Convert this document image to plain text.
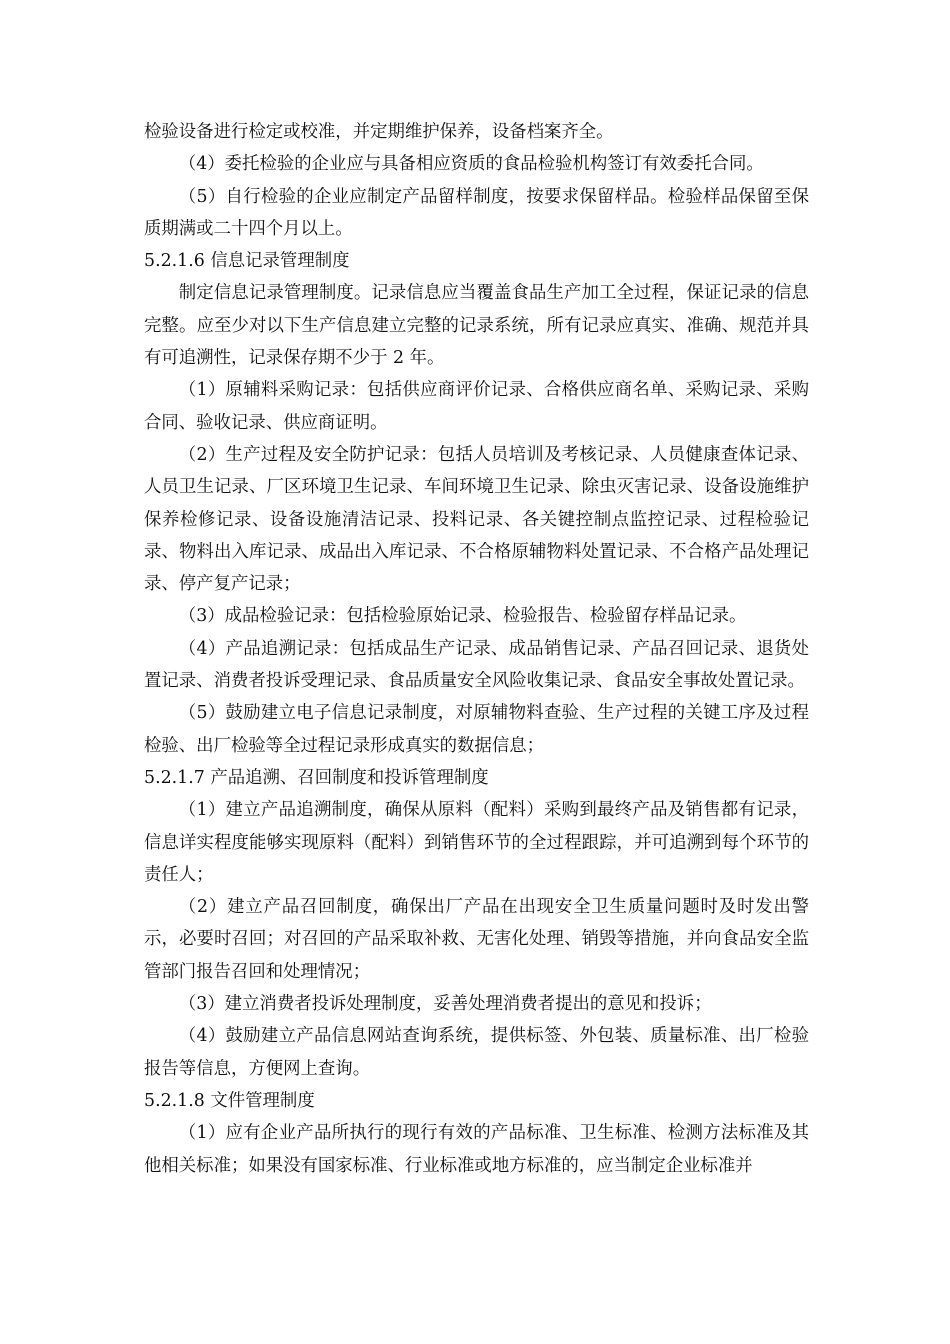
检验设备进行检定或校准，并定期维护保养，设备档案齐全。

（4）委托检验的企业应与具备相应资质的食品检验机构签订有效委托合同。

（5）自行检验的企业应制定产品留样制度，按要求保留样品。检验样品保留至保质期满或二十四个月以上。

5.2.1.6 信息记录管理制度

制定信息记录管理制度。记录信息应当覆盖食品生产加工全过程，保证记录的信息完整。应至少对以下生产信息建立完整的记录系统，所有记录应真实、准确、规范并具有可追溯性，记录保存期不少于 2 年。

（1）原辅料采购记录：包括供应商评价记录、合格供应商名单、采购记录、采购合同、验收记录、供应商证明。

（2）生产过程及安全防护记录：包括人员培训及考核记录、人员健康查体记录、人员卫生记录、厂区环境卫生记录、车间环境卫生记录、除虫灭害记录、设备设施维护保养检修记录、设备设施清洁记录、投料记录、各关键控制点监控记录、过程检验记录、物料出入库记录、成品出入库记录、不合格原辅物料处置记录、不合格产品处理记录、停产复产记录；

（3）成品检验记录：包括检验原始记录、检验报告、检验留存样品记录。

（4）产品追溯记录：包括成品生产记录、成品销售记录、产品召回记录、退货处置记录、消费者投诉受理记录、食品质量安全风险收集记录、食品安全事故处置记录。

（5）鼓励建立电子信息记录制度，对原辅物料查验、生产过程的关键工序及过程检验、出厂检验等全过程记录形成真实的数据信息；

5.2.1.7 产品追溯、召回制度和投诉管理制度

（1）建立产品追溯制度，确保从原料（配料）采购到最终产品及销售都有记录，信息详实程度能够实现原料（配料）到销售环节的全过程跟踪，并可追溯到每个环节的责任人；

（2）建立产品召回制度，确保出厂产品在出现安全卫生质量问题时及时发出警示，必要时召回；对召回的产品采取补救、无害化处理、销毁等措施，并向食品安全监管部门报告召回和处理情况；

（3）建立消费者投诉处理制度，妥善处理消费者提出的意见和投诉；

（4）鼓励建立产品信息网站查询系统，提供标签、外包装、质量标准、出厂检验报告等信息，方便网上查询。

5.2.1.8 文件管理制度

（1）应有企业产品所执行的现行有效的产品标准、卫生标准、检测方法标准及其他相关标准；如果没有国家标准、行业标准或地方标准的，应当制定企业标准并
